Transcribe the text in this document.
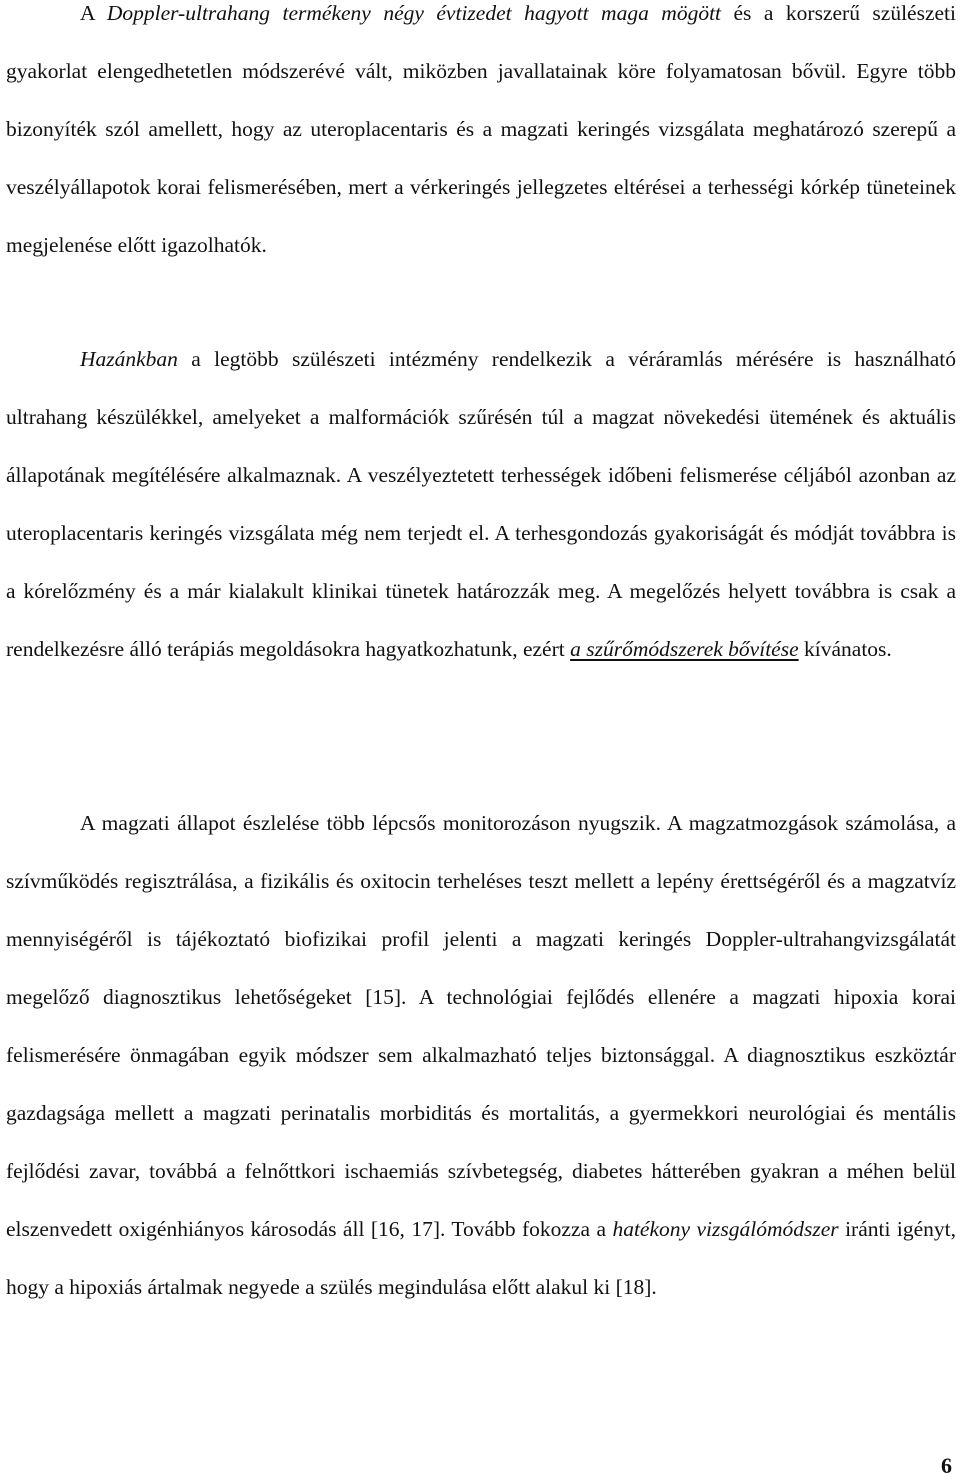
A Doppler-ultrahang termékeny négy évtizedet hagyott maga mögött és a korszerű szülészeti gyakorlat elengedhetetlen módszerévé vált, miközben javallatainak köre folyamatosan bővül. Egyre több bizonyíték szól amellett, hogy az uteroplacentaris és a magzati keringés vizsgálata meghatározó szerepű a veszélyállapotok korai felismerésében, mert a vérkeringés jellegzetes eltérései a terhességi kórkép tüneteinek megjelenése előtt igazolhatók.

Hazánkban a legtöbb szülészeti intézmény rendelkezik a véráramlás mérésére is használható ultrahang készülékkel, amelyeket a malformációk szűrésén túl a magzat növekedési ütemének és aktuális állapotának megítélésére alkalmaznak. A veszélyeztetett terhességek időbeni felismerése céljából azonban az uteroplacentaris keringés vizsgálata még nem terjedt el. A terhesgondozás gyakoriságát és módját továbbra is a kórelőzmény és a már kialakult klinikai tünetek határozzák meg. A megelőzés helyett továbbra is csak a rendelkezésre álló terápiás megoldásokra hagyatkozhatunk, ezért a szűrőmódszerek bővítése kívánatos.

A magzati állapot észlelése több lépcsős monitorozáson nyugszik. A magzatmozgások számolása, a szívműködés regisztrálása, a fizikális és oxitocin terheléses teszt mellett a lepény érettségéről és a magzatvíz mennyiségéről is tájékoztató biofizikai profil jelenti a magzati keringés Doppler-ultrahangvizsgálatát megelőző diagnosztikus lehetőségeket [15]. A technológiai fejlődés ellenére a magzati hipoxia korai felismerésére önmagában egyik módszer sem alkalmazható teljes biztonsággal. A diagnosztikus eszköztár gazdagsága mellett a magzati perinatalis morbiditás és mortalitás, a gyermekkori neurológiai és mentális fejlődési zavar, továbbá a felnőttkori ischaemiás szívbetegség, diabetes hátterében gyakran a méhen belül elszenvedett oxigénhiányos károsodás áll [16, 17]. Tovább fokozza a hatékony vizsgálómódszer iránti igényt, hogy a hipoxiás ártalmak negyede a szülés megindulása előtt alakul ki [18].

6
